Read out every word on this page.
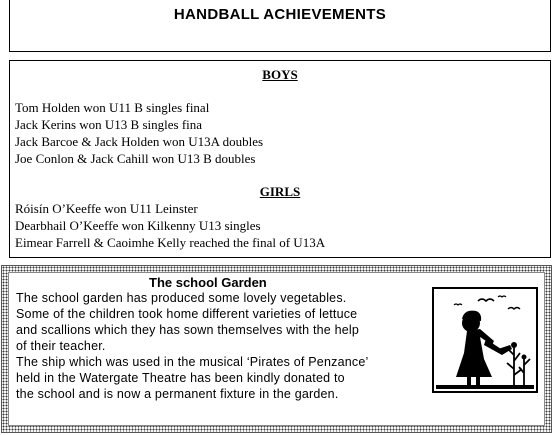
HANDBALL ACHIEVEMENTS
BOYS
Tom Holden won U11 B singles final
Jack Kerins won U13 B singles fina
Jack Barcoe & Jack Holden won U13A doubles
Joe Conlon & Jack Cahill won U13 B doubles
GIRLS
Róisín O’Keeffe won U11 Leinster
Dearbhail O’Keeffe won Kilkenny U13 singles
Eimear Farrell & Caoimhe Kelly reached the final of U13A
The school Garden
The school garden has produced some lovely vegetables.
Some of the children took home different varieties of lettuce
and scallions which they has sown themselves with the help
of their teacher.
The ship which was used in the musical ‘Pirates of Penzance’
held in the Watergate Theatre has been kindly donated to
the school and is now a permanent fixture in the garden.
